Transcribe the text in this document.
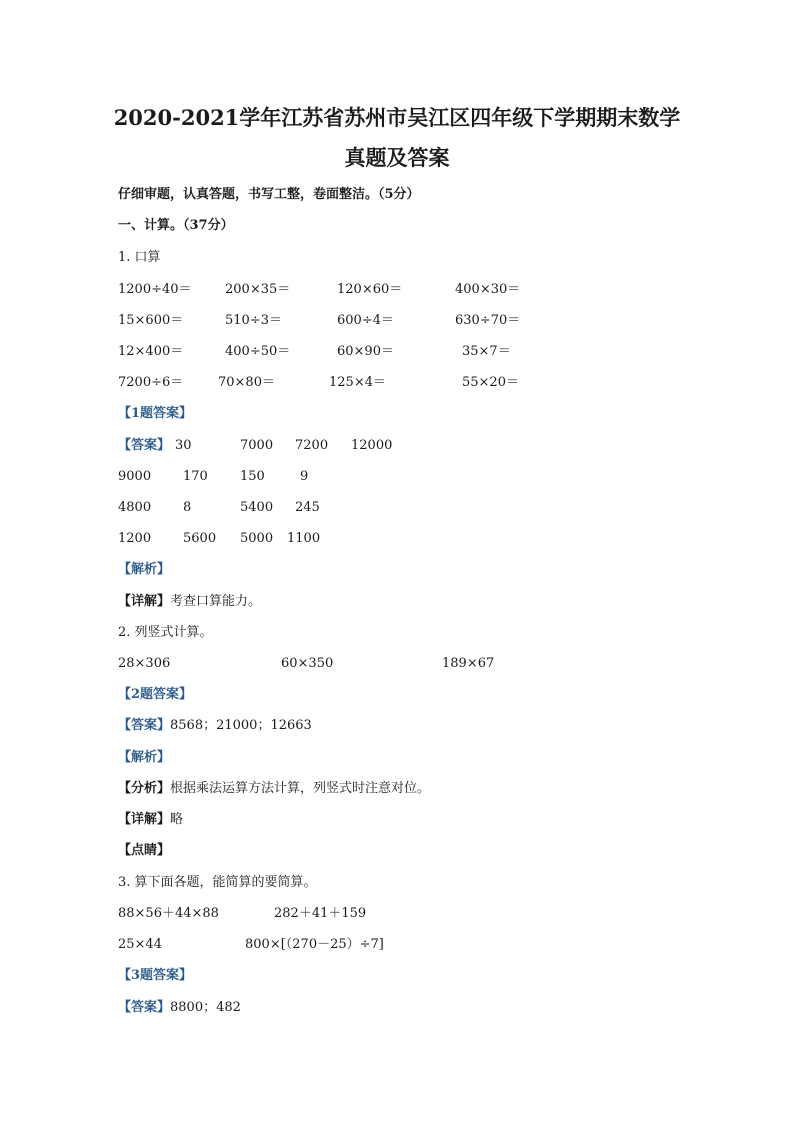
2020-2021学年江苏省苏州市吴江区四年级下学期期末数学
真题及答案
仔细审题，认真答题，书写工整，卷面整洁。（5分）
一、计算。（37分）
1. 口算
1200÷40＝	200×35＝	120×60＝	400×30＝
15×600＝	510÷3＝	600÷4＝	630÷70＝
12×400＝	400÷50＝	60×90＝	35×7＝
7200÷6＝	70×80＝	125×4＝	55×20＝
【1题答案】
【答案】 30	7000 7200 12000
9000 170 150	9
4800 8	5400 245
1200 5600 5000 1100
【解析】
【详解】考查口算能力。
2. 列竖式计算。
28×306	60×350	189×67
【2题答案】
【答案】8568；21000；12663
【解析】
【分析】根据乘法运算方法计算，列竖式时注意对位。
【详解】略
【点睛】
3. 算下面各题，能简算的要简算。
88×56＋44×88	282＋41＋159
25×44	800×[（270－25）÷7]
【3题答案】
【答案】8800；482
